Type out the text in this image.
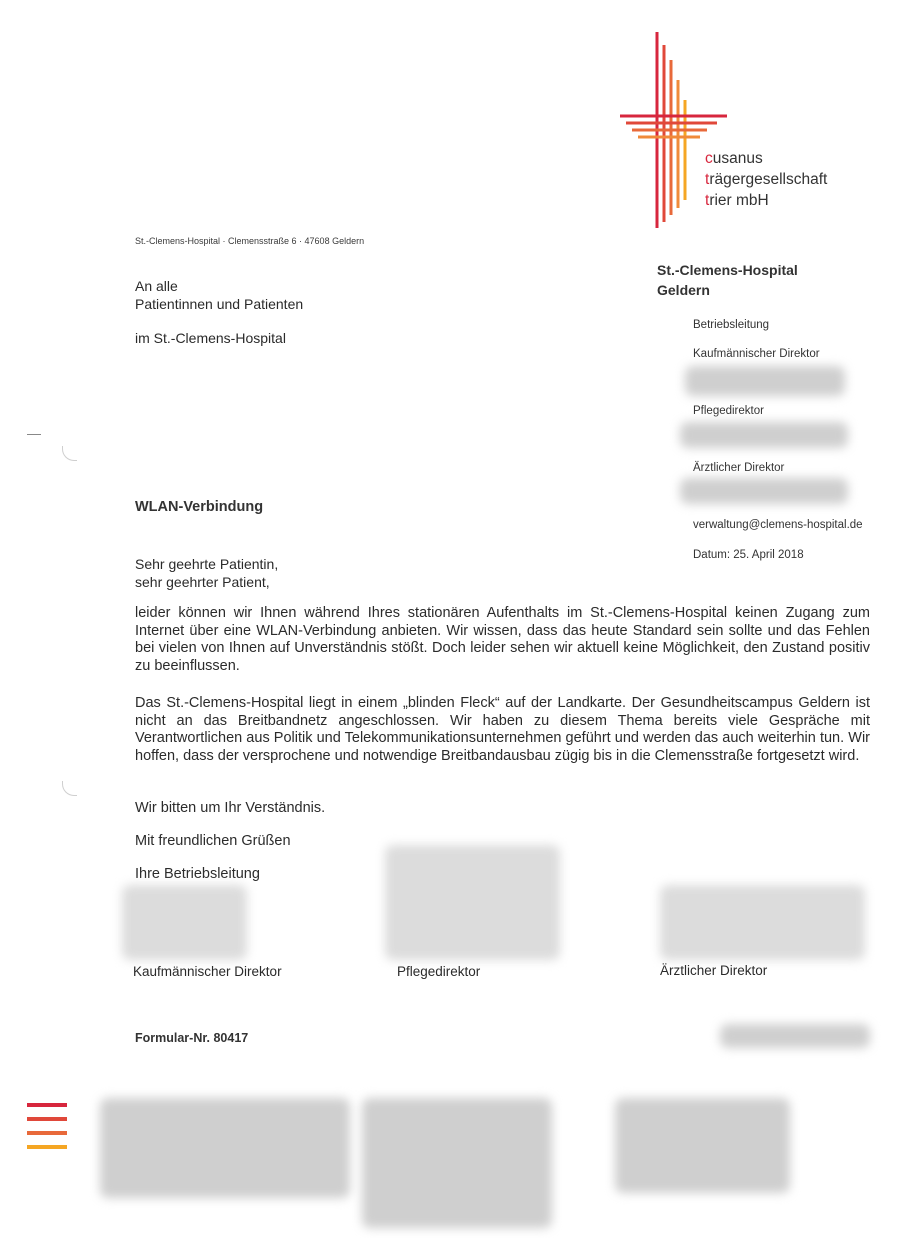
cusanus
trägergesellschaft
trier mbH
St.-Clemens-Hospital · Clemensstraße 6 · 47608 Geldern
An alle
Patientinnen und Patienten
im St.-Clemens-Hospital
St.-Clemens-Hospital
Geldern
Betriebsleitung
Kaufmännischer Direktor
Pflegedirektor
Ärztlicher Direktor
verwaltung@clemens-hospital.de
Datum: 25. April 2018
WLAN-Verbindung
Sehr geehrte Patientin,
sehr geehrter Patient,
leider können wir Ihnen während Ihres stationären Aufenthalts im St.-Clemens-Hospital keinen Zugang zum Internet über eine WLAN-Verbindung anbieten. Wir wissen, dass das heute Standard sein sollte und das Fehlen bei vielen von Ihnen auf Unverständnis stößt. Doch leider sehen wir aktuell keine Möglichkeit, den Zustand positiv zu beeinflussen.
Das St.-Clemens-Hospital liegt in einem „blinden Fleck“ auf der Landkarte. Der Gesundheitscampus Geldern ist nicht an das Breitbandnetz angeschlossen. Wir haben zu diesem Thema bereits viele Gespräche mit Verantwortlichen aus Politik und Telekommunikationsunternehmen geführt und werden das auch weiterhin tun. Wir hoffen, dass der versprochene und notwendige Breitbandausbau zügig bis in die Clemensstraße fortgesetzt wird.
Wir bitten um Ihr Verständnis.
Mit freundlichen Grüßen
Ihre Betriebsleitung
Kaufmännischer Direktor	Pflegedirektor	Ärztlicher Direktor
Formular-Nr. 80417
